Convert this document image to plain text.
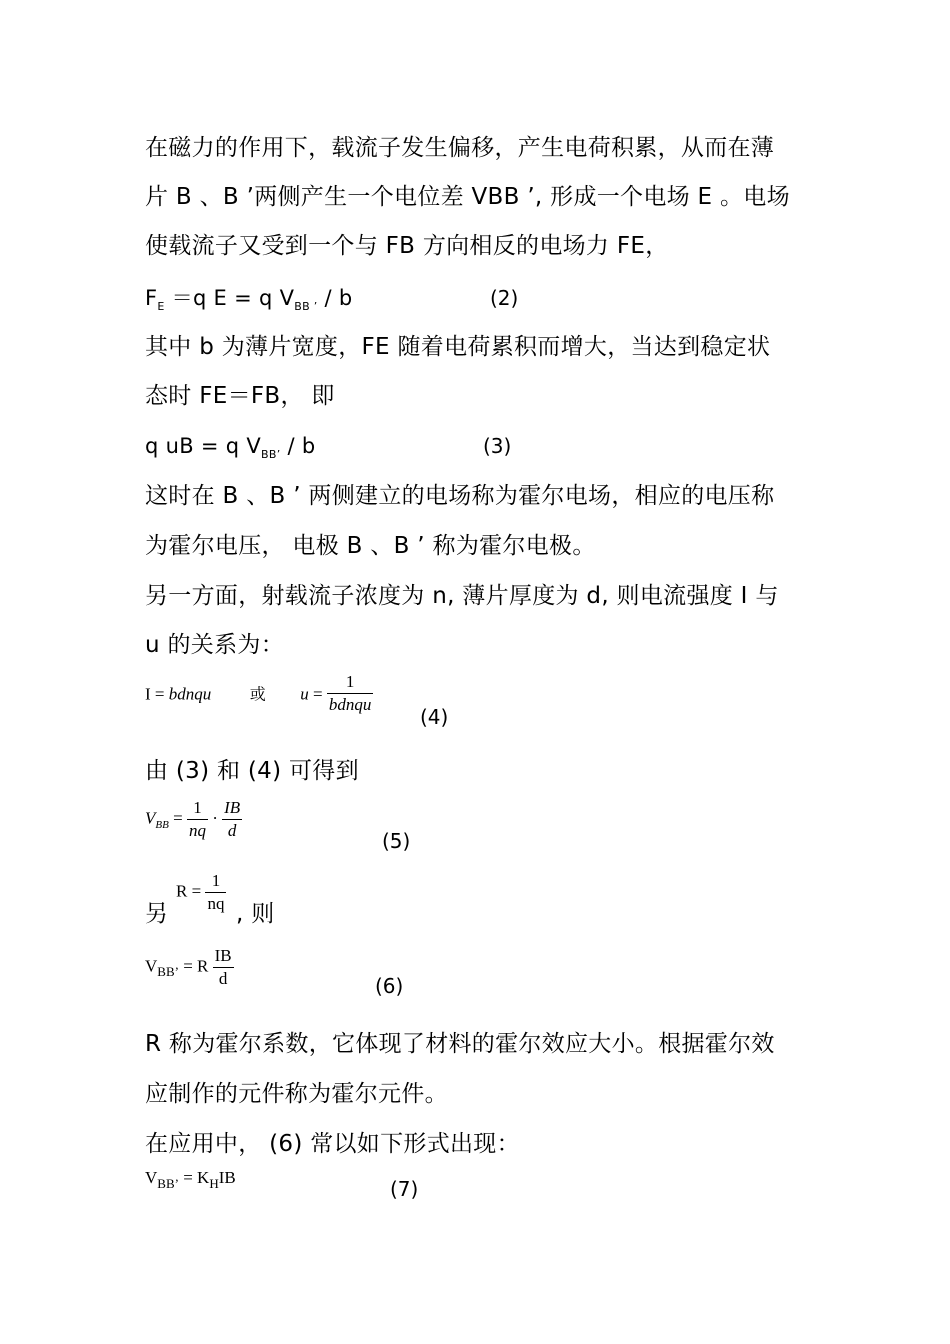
在磁力的作用下，载流子发生偏移，产生电荷积累，从而在薄
片 B 、B ’两侧产生一个电位差 VBB ’, 形成一个电场 E 。电场
使载流子又受到一个与 FB 方向相反的电场力 FE，
$F_E =q$ E = q $V_{BB ’}$ / b	(2)
其中 b 为薄片宽度，FE 随着电荷累积而增大，当达到稳定状
态时 FE＝FB， 即
q uB = q $V_{BB’}$ / b	(3)
这时在 B 、B ’ 两侧建立的电场称为霍尔电场，相应的电压称
为霍尔电压， 电极 B 、B ’ 称为霍尔电极。
另一方面，射载流子浓度为 n, 薄片厚度为 d, 则电流强度 I 与
u 的关系为：
I = bdnqu 或 $u = \frac{1}{\text{bdnqu}}$
(4)
由 (3) 和 (4) 可得到
$V_{BB} = \frac{1}{nq} \cdot \frac{IB}{d}$	(5)
另
$R = \frac{1}{nq}$ , 则
$V_{BB’} = R \frac{IB}{d}$	(6)
R 称为霍尔系数，它体现了材料的霍尔效应大小。根据霍尔效
应制作的元件称为霍尔元件。
在应用中， (6) 常以如下形式出现：
$V_{BB’} = K_HIB$	(7)
